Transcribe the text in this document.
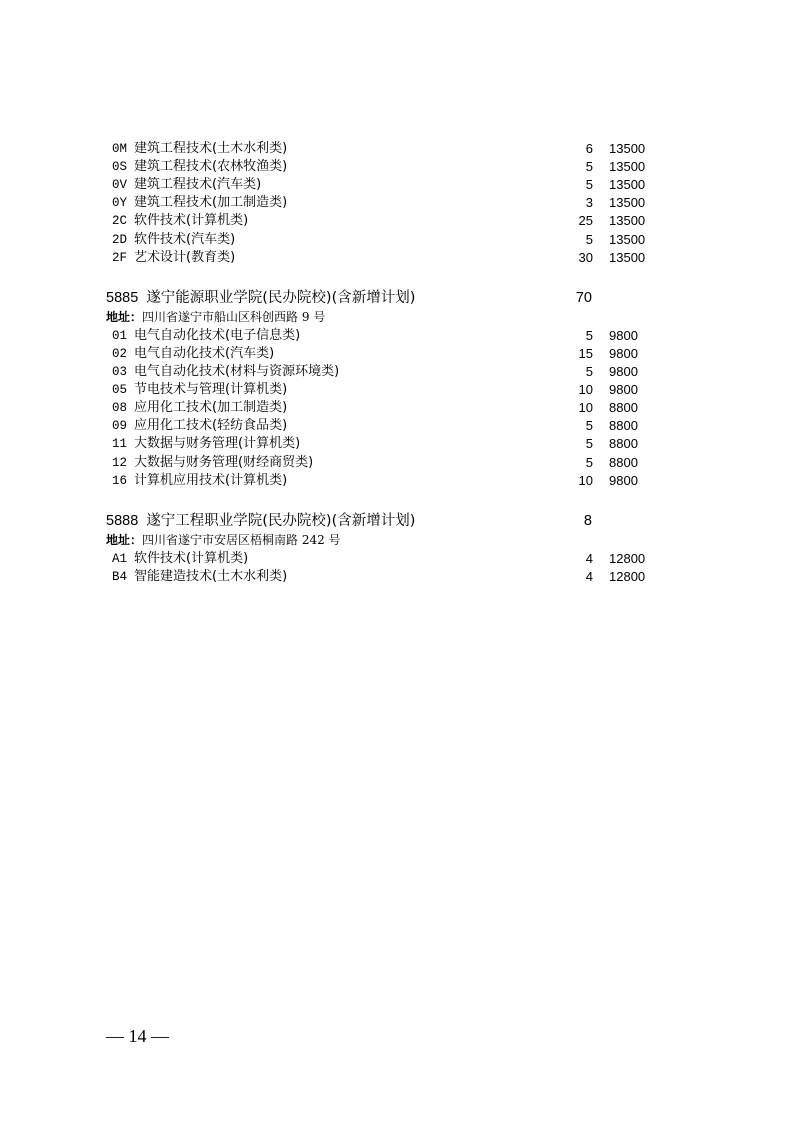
0M 建筑工程技术(土木水利类)	6 13500
0S 建筑工程技术(农林牧渔类)	5 13500
0V 建筑工程技术(汽车类)	5 13500
0Y 建筑工程技术(加工制造类)	3 13500
2C 软件技术(计算机类)	25 13500
2D 软件技术(汽车类)	5 13500
2F 艺术设计(教育类)	30 13500
5885 遂宁能源职业学院(民办院校)(含新增计划)	70
地址：四川省遂宁市船山区科创西路 9 号
01 电气自动化技术(电子信息类)	5 9800
02 电气自动化技术(汽车类)	15 9800
03 电气自动化技术(材料与资源环境类)	5 9800
05 节电技术与管理(计算机类)	10 9800
08 应用化工技术(加工制造类)	10 8800
09 应用化工技术(轻纺食品类)	5 8800
11 大数据与财务管理(计算机类)	5 8800
12 大数据与财务管理(财经商贸类)	5 8800
16 计算机应用技术(计算机类)	10 9800
5888 遂宁工程职业学院(民办院校)(含新增计划)	8
地址：四川省遂宁市安居区梧桐南路 242 号
A1 软件技术(计算机类)	4 12800
B4 智能建造技术(土木水利类)	4 12800
— 14 —
